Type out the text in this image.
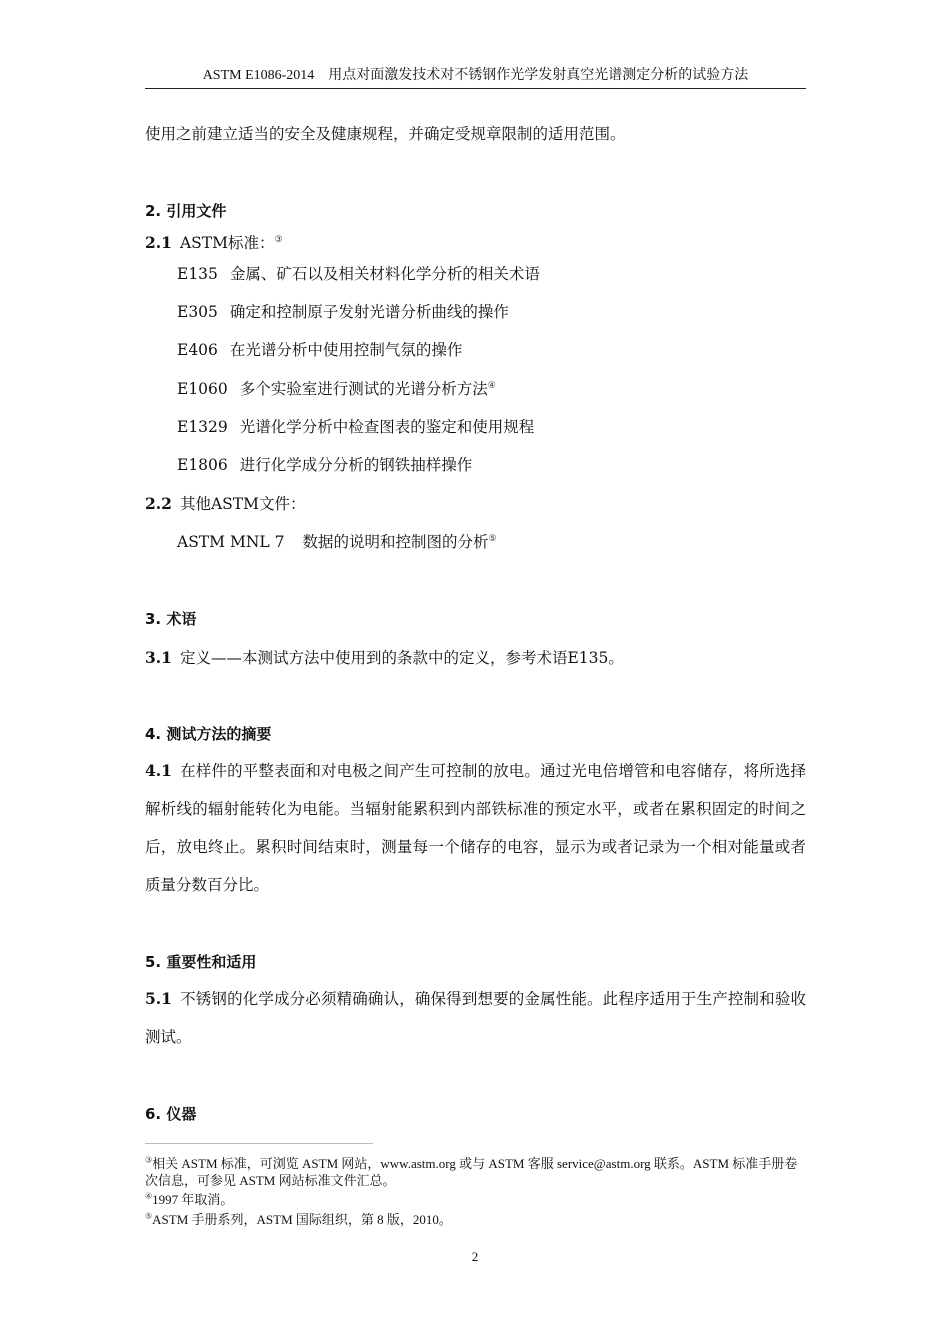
ASTM E1086-2014　用点对面激发技术对不锈钢作光学发射真空光谱测定分析的试验方法
使用之前建立适当的安全及健康规程，并确定受规章限制的适用范围。
2. 引用文件
2.1 ASTM标准：③
E135 金属、矿石以及相关材料化学分析的相关术语
E305 确定和控制原子发射光谱分析曲线的操作
E406 在光谱分析中使用控制气氛的操作
E1060 多个实验室进行测试的光谱分析方法④
E1329 光谱化学分析中检查图表的鉴定和使用规程
E1806 进行化学成分分析的钢铁抽样操作
2.2 其他ASTM文件：
ASTM MNL 7 数据的说明和控制图的分析⑤
3. 术语
3.1 定义——本测试方法中使用到的条款中的定义，参考术语E135。
4. 测试方法的摘要
4.1 在样件的平整表面和对电极之间产生可控制的放电。通过光电倍增管和电容储存，将所选择解析线的辐射能转化为电能。当辐射能累积到内部铁标准的预定水平，或者在累积固定的时间之后，放电终止。累积时间结束时，测量每一个储存的电容，显示为或者记录为一个相对能量或者质量分数百分比。
5. 重要性和适用
5.1 不锈钢的化学成分必须精确确认，确保得到想要的金属性能。此程序适用于生产控制和验收测试。
6. 仪器
③相关 ASTM 标准，可浏览 ASTM 网站，www.astm.org 或与 ASTM 客服 service@astm.org 联系。ASTM 标准手册卷次信息，可参见 ASTM 网站标准文件汇总。
④1997 年取消。
⑤ASTM 手册系列，ASTM 国际组织，第 8 版，2010。
2
